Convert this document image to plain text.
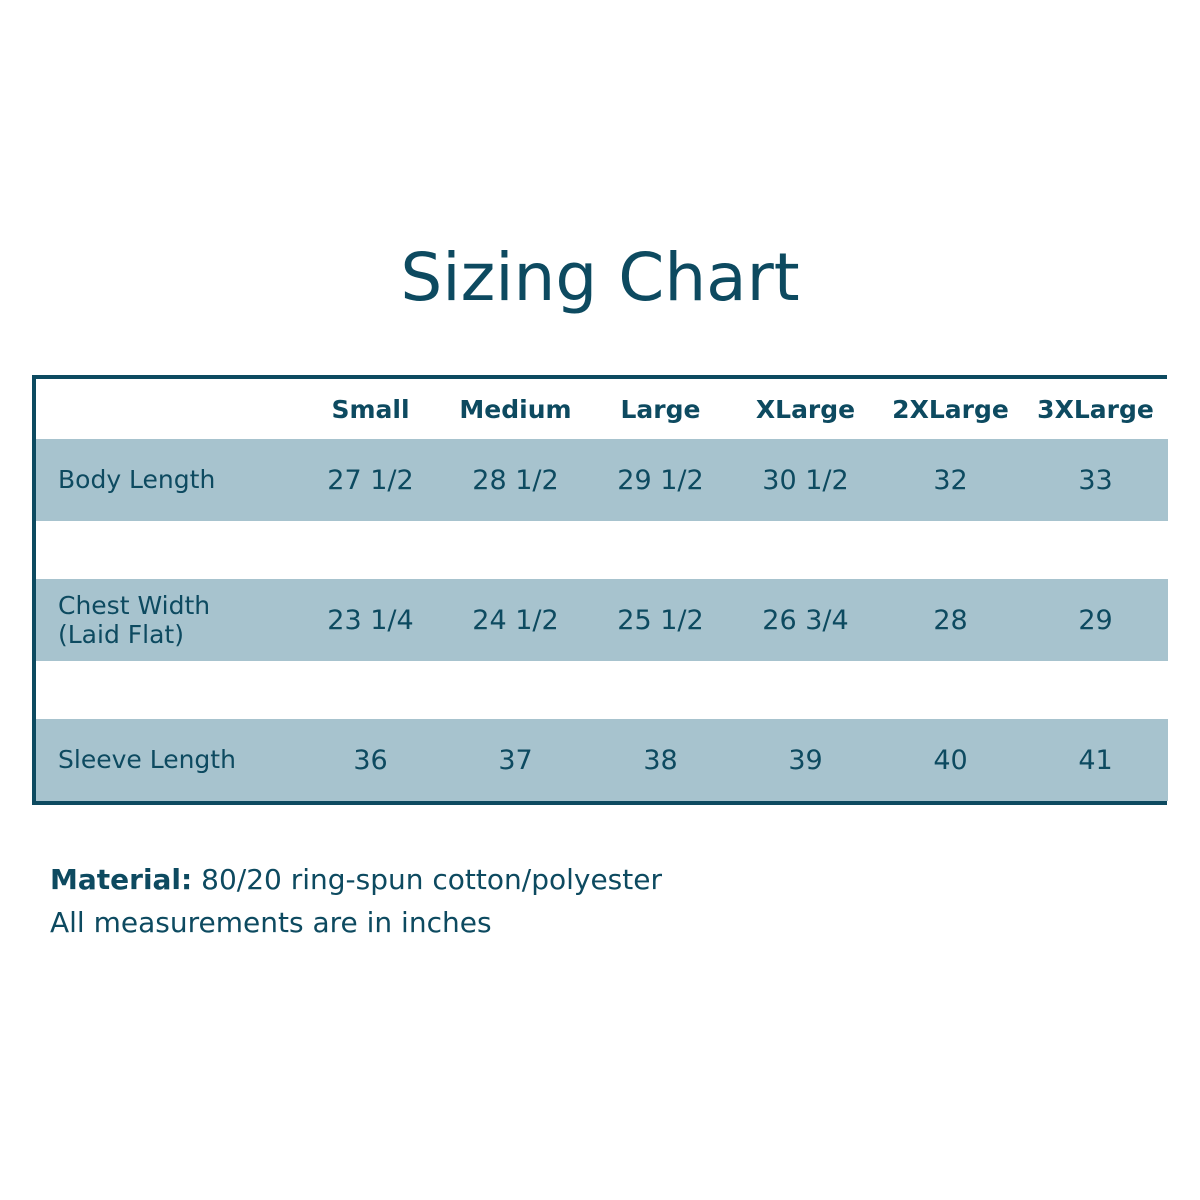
Sizing Chart
	Small	Medium	Large	XLarge	2XLarge	3XLarge
Body Length	27 1/2	28 1/2	29 1/2	30 1/2	32	33

Chest Width
(Laid Flat)	23 1/4	24 1/2	25 1/2	26 3/4	28	29

Sleeve Length	36	37	38	39	40	41
Material: 80/20 ring-spun cotton/polyester
All measurements are in inches
